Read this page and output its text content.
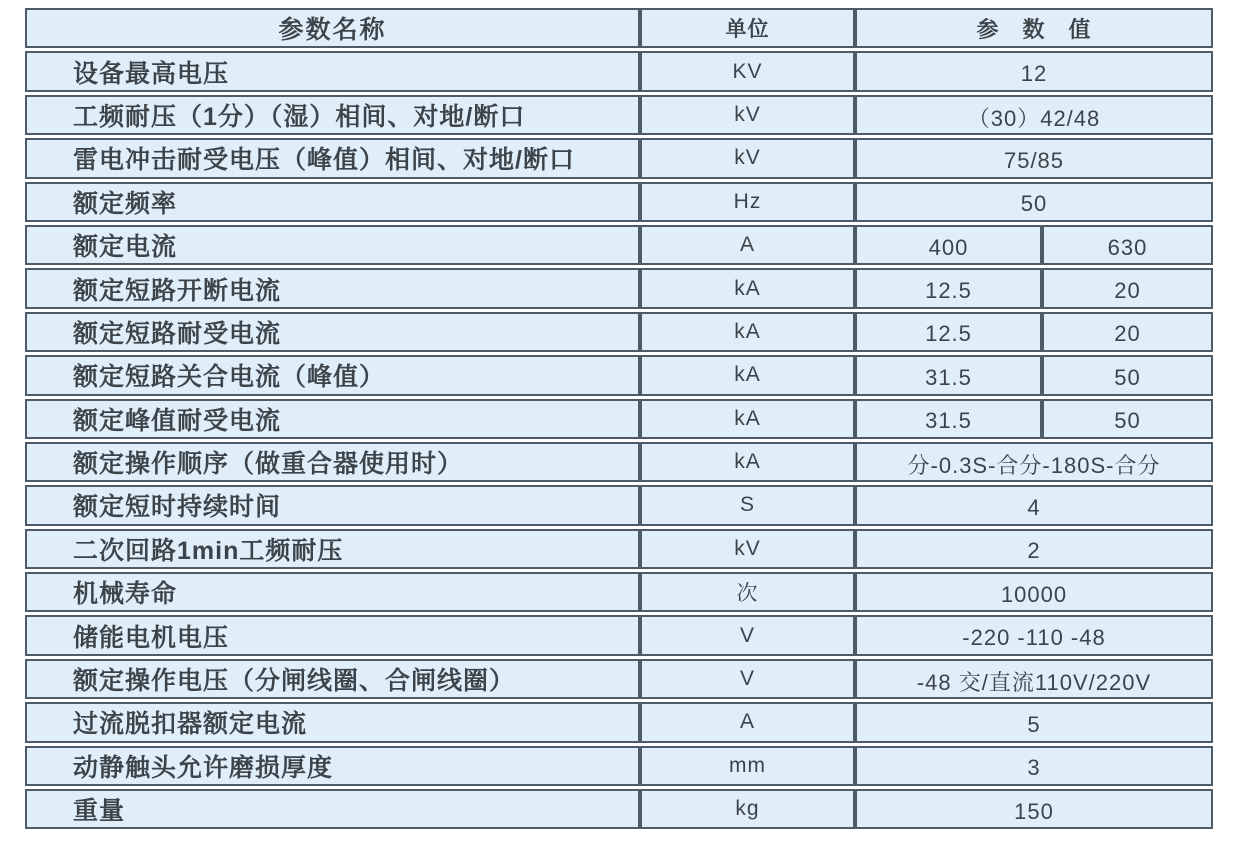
参数名称	单位	参　数　值
设备最高电压	KV	12
工频耐压（1分）（湿）相间、对地/断口	kV	（30）42/48
雷电冲击耐受电压（峰值）相间、对地/断口	kV	75/85
额定频率	Hz	50
额定电流	A	400	630
额定短路开断电流	kA	12.5	20
额定短路耐受电流	kA	12.5	20
额定短路关合电流（峰值）	kA	31.5	50
额定峰值耐受电流	kA	31.5	50
额定操作顺序（做重合器使用时）	kA	分-0.3S-合分-180S-合分
额定短时持续时间	S	4
二次回路1min工频耐压	kV	2
机械寿命	次	10000
储能电机电压	V	-220 -110 -48
额定操作电压（分闸线圈、合闸线圈）	V	-48 交/直流110V/220V
过流脱扣器额定电流	A	5
动静触头允许磨损厚度	mm	3
重量	kg	150
